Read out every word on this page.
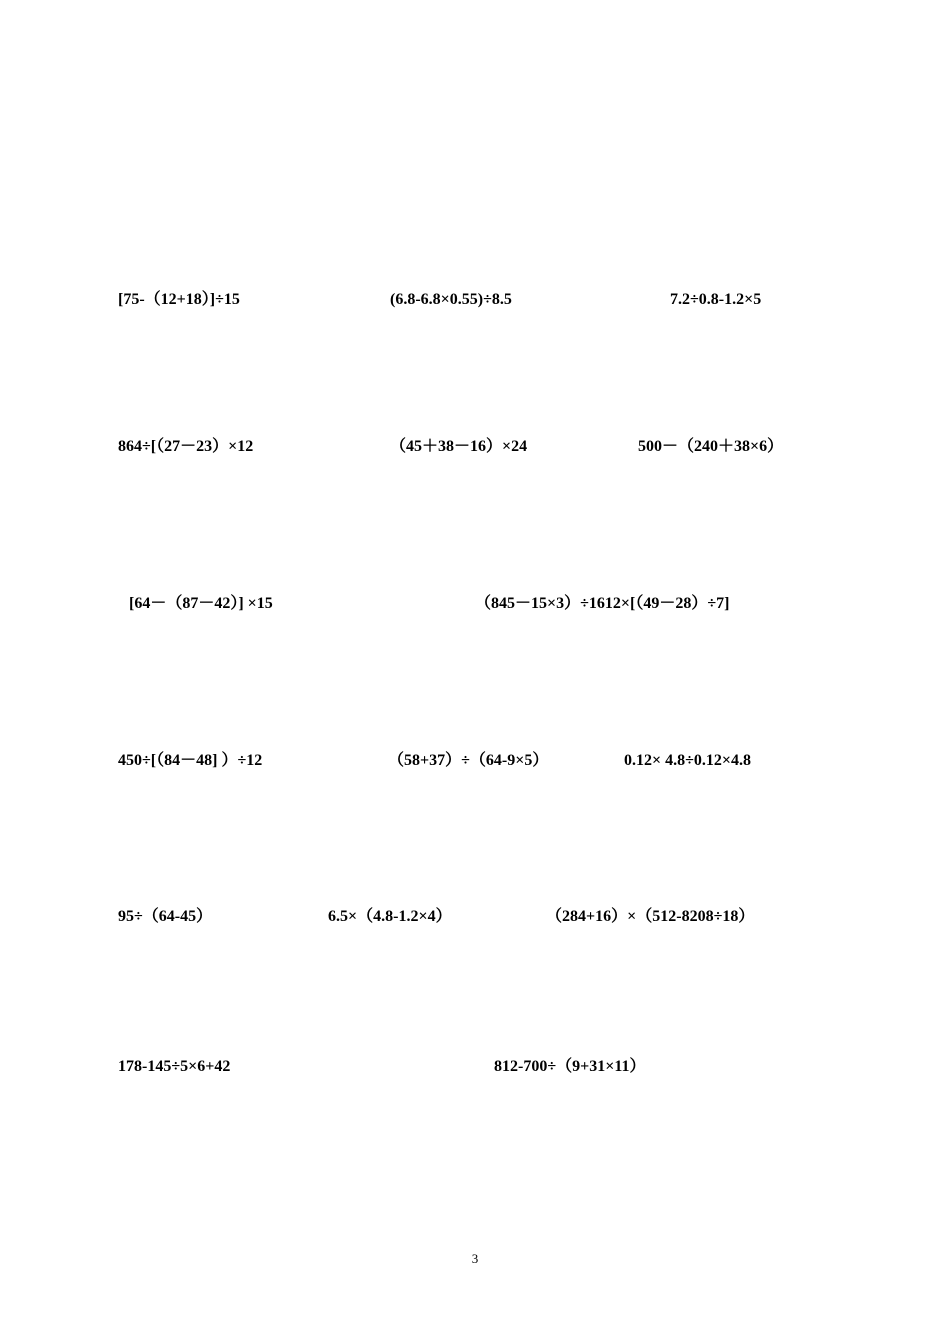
[75-（12+18）]÷15	(6.8-6.8×0.55)÷8.5	7.2÷0.8-1.2×5
864÷[（27－23）×12	（45＋38－16）×24	500－（240＋38×6）
[64－（87－42）] ×15	（845－15×3）÷1612×[（49－28）÷7]
450÷[（84－48] ）÷12	（58+37）÷（64-9×5）	0.12× 4.8÷0.12×4.8
95÷（64-45）	6.5×（4.8-1.2×4）	（284+16）×（512-8208÷18）
178-145÷5×6+42	812-700÷（9+31×11）
3
